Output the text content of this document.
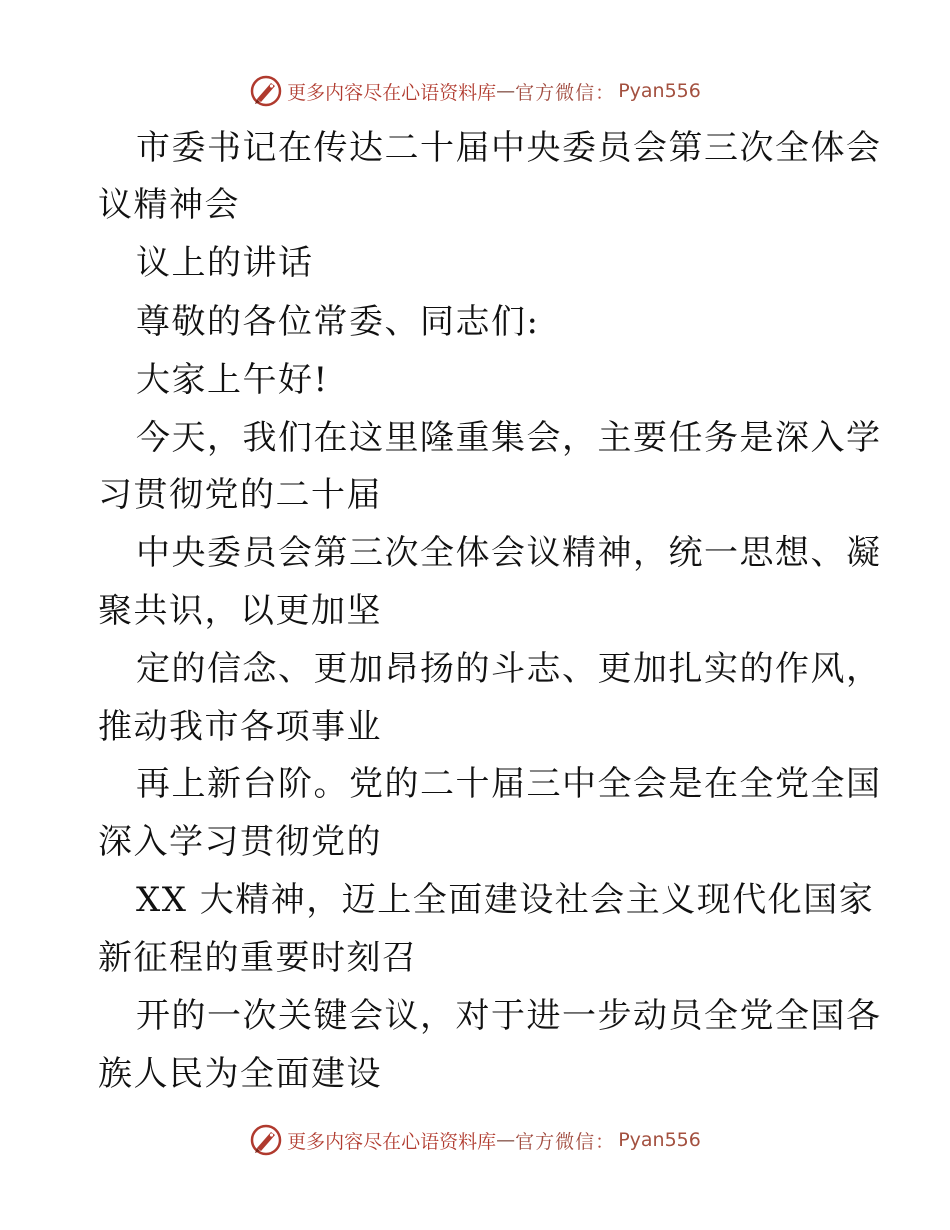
更多内容尽在心语资料库 — 官方微信 ： Pyan556
市委书记在传达二十届中央委员会第三次全体会
议精神会
议上的讲话
尊敬的各位常委、同志们:
大家上午好!
今天，我们在这里隆重集会，主要任务是深入学
习贯彻党的二十届
中央委员会第三次全体会议精神，统一思想、凝
聚共识，以更加坚
定的信念、更加昂扬的斗志、更加扎实的作风，
推动我市各项事业
再上新台阶。党的二十届三中全会是在全党全国
深入学习贯彻党的
XX 大精神，迈上全面建设社会主义现代化国家
新征程的重要时刻召
开的一次关键会议，对于进一步动员全党全国各
族人民为全面建设
更多内容尽在心语资料库 — 官方微信 ： Pyan556
